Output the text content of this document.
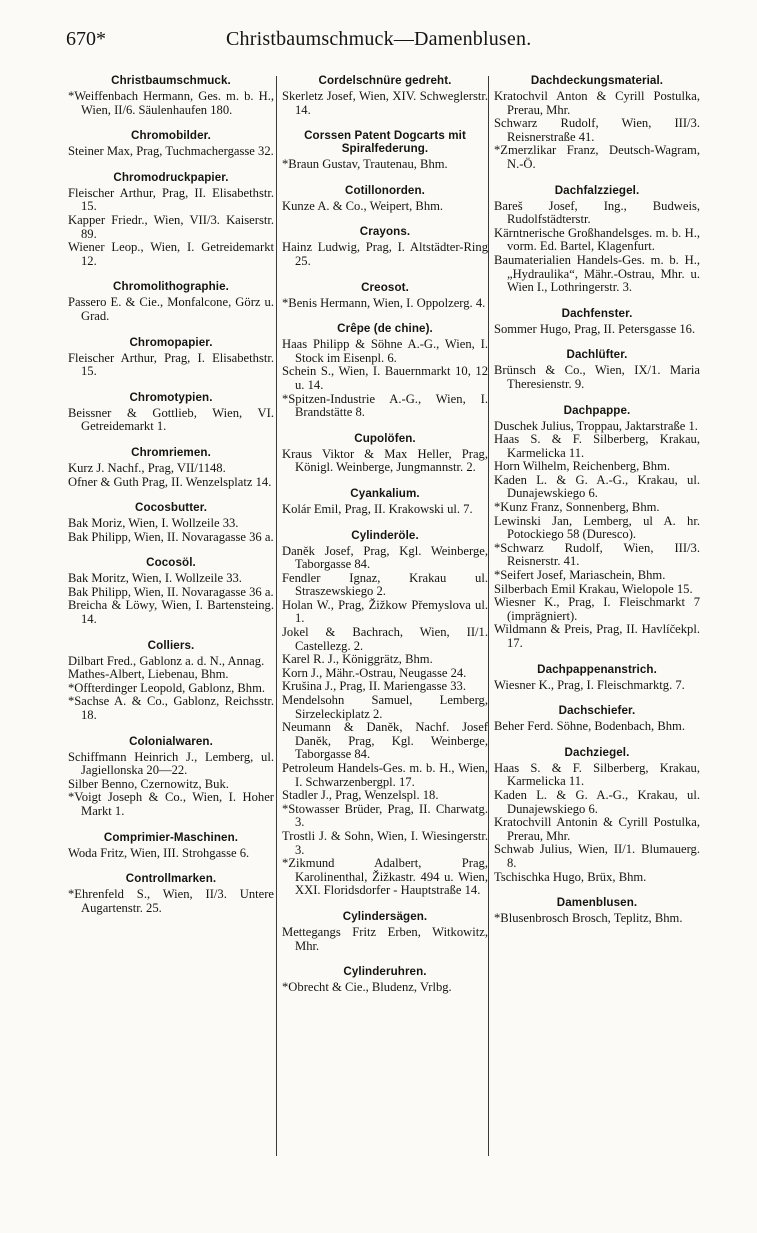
670*	Christbaumschmuck—Damenblusen.
Christbaumschmuck.

*Weiffenbach Hermann, Ges. m. b. H., Wien, II/6. Säulenhaufen 180.

Chromobilder.

Steiner Max, Prag, Tuchmachergasse 32.

Chromodruckpapier.

Fleischer Arthur, Prag, II. Elisabethstr. 15.

Kapper Friedr., Wien, VII/3. Kaiserstr. 89.

Wiener Leop., Wien, I. Getreidemarkt 12.

Chromolithographie.

Passero E. & Cie., Monfalcone, Görz u. Grad.

Chromopapier.

Fleischer Arthur, Prag, I. Elisabethstr. 15.

Chromotypien.

Beissner & Gottlieb, Wien, VI. Getreidemarkt 1.

Chromriemen.

Kurz J. Nachf., Prag, VII/1148.

Ofner & Guth Prag, II. Wenzelsplatz 14.

Cocosbutter.

Bak Moriz, Wien, I. Wollzeile 33.

Bak Philipp, Wien, II. Novaragasse 36 a.

Cocosöl.

Bak Moritz, Wien, I. Wollzeile 33.

Bak Philipp, Wien, II. Novaragasse 36 a.

Breicha & Löwy, Wien, I. Bartensteing. 14.

Colliers.

Dilbart Fred., Gablonz a. d. N., Annag.

Mathes-Albert, Liebenau, Bhm.

*Offterdinger Leopold, Gablonz, Bhm.

*Sachse A. & Co., Gablonz, Reichsstr. 18.

Colonialwaren.

Schiffmann Heinrich J., Lemberg, ul. Jagiellonska 20—22.

Silber Benno, Czernowitz, Buk.

*Voigt Joseph & Co., Wien, I. Hoher Markt 1.

Comprimier-Maschinen.

Woda Fritz, Wien, III. Strohgasse 6.

Controllmarken.

*Ehrenfeld S., Wien, II/3. Untere Augartenstr. 25.

Cordelschnüre gedreht.

Skerletz Josef, Wien, XIV. Schweglerstr. 14.

Corssen Patent Dogcarts mit Spiralfederung.

*Braun Gustav, Trautenau, Bhm.

Cotillonorden.

Kunze A. & Co., Weipert, Bhm.

Crayons.

Hainz Ludwig, Prag, I. Altstädter-Ring 25.

Creosot.

*Benis Hermann, Wien, I. Oppolzerg. 4.

Crêpe (de chine).

Haas Philipp & Söhne A.-G., Wien, I. Stock im Eisenpl. 6.

Schein S., Wien, I. Bauernmarkt 10, 12 u. 14.

*Spitzen-Industrie A.-G., Wien, I. Brandstätte 8.

Cupolöfen.

Kraus Viktor & Max Heller, Prag, Königl. Weinberge, Jungmannstr. 2.

Cyankalium.

Kolár Emil, Prag, II. Krakowski ul. 7.

Cylinderöle.

Daněk Josef, Prag, Kgl. Weinberge, Taborgasse 84.

Fendler Ignaz, Krakau ul. Straszewskiego 2.

Holan W., Prag, Žižkow Přemyslova ul. 1.

Jokel & Bachrach, Wien, II/1. Castellezg. 2.

Karel R. J., Königgrätz, Bhm.

Korn J., Mähr.-Ostrau, Neugasse 24.

Krušina J., Prag, II. Mariengasse 33.

Mendelsohn Samuel, Lemberg, Sirzeleckiplatz 2.

Neumann & Daněk, Nachf. Josef Daněk, Prag, Kgl. Weinberge, Taborgasse 84.

Petroleum Handels-Ges. m. b. H., Wien, I. Schwarzenbergpl. 17.

Stadler J., Prag, Wenzelspl. 18.

*Stowasser Brüder, Prag, II. Charwatg. 3.

Trostli J. & Sohn, Wien, I. Wiesingerstr. 3.

*Zikmund Adalbert, Prag, Karolinenthal, Žižkastr. 494 u. Wien, XXI. Floridsdorfer - Hauptstraße 14.

Cylindersägen.

Mettegangs Fritz Erben, Witkowitz, Mhr.

Cylinderuhren.

*Obrecht & Cie., Bludenz, Vrlbg.

Dachdeckungsmaterial.

Kratochvil Anton & Cyrill Postulka, Prerau, Mhr.

Schwarz Rudolf, Wien, III/3. Reisnerstraße 41.

*Zmerzlikar Franz, Deutsch-Wagram, N.-Ö.

Dachfalzziegel.

Bareš Josef, Ing., Budweis, Rudolfstädterstr.

Kärntnerische Großhandelsges. m. b. H., vorm. Ed. Bartel, Klagenfurt.

Baumaterialien Handels-Ges. m. b. H., „Hydraulika“, Mähr.-Ostrau, Mhr. u. Wien I., Lothringerstr. 3.

Dachfenster.

Sommer Hugo, Prag, II. Petersgasse 16.

Dachlüfter.

Brünsch & Co., Wien, IX/1. Maria Theresienstr. 9.

Dachpappe.

Duschek Julius, Troppau, Jaktarstraße 1.

Haas S. & F. Silberberg, Krakau, Karmelicka 11.

Horn Wilhelm, Reichenberg, Bhm.

Kaden L. & G. A.-G., Krakau, ul. Dunajewskiego 6.

*Kunz Franz, Sonnenberg, Bhm.

Lewinski Jan, Lemberg, ul A. hr. Potockiego 58 (Duresco).

*Schwarz Rudolf, Wien, III/3. Reisnerstr. 41.

*Seifert Josef, Mariaschein, Bhm.

Silberbach Emil Krakau, Wielopole 15.

Wiesner K., Prag, I. Fleischmarkt 7 (imprägniert).

Wildmann & Preis, Prag, II. Havlíčekpl. 17.

Dachpappenanstrich.

Wiesner K., Prag, I. Fleischmarktg. 7.

Dachschiefer.

Beher Ferd. Söhne, Bodenbach, Bhm.

Dachziegel.

Haas S. & F. Silberberg, Krakau, Karmelicka 11.

Kaden L. & G. A.-G., Krakau, ul. Dunajewskiego 6.

Kratochvill Antonin & Cyrill Postulka, Prerau, Mhr.

Schwab Julius, Wien, II/1. Blumauerg. 8.

Tschischka Hugo, Brüx, Bhm.

Damenblusen.

*Blusenbrosch Brosch, Teplitz, Bhm.
